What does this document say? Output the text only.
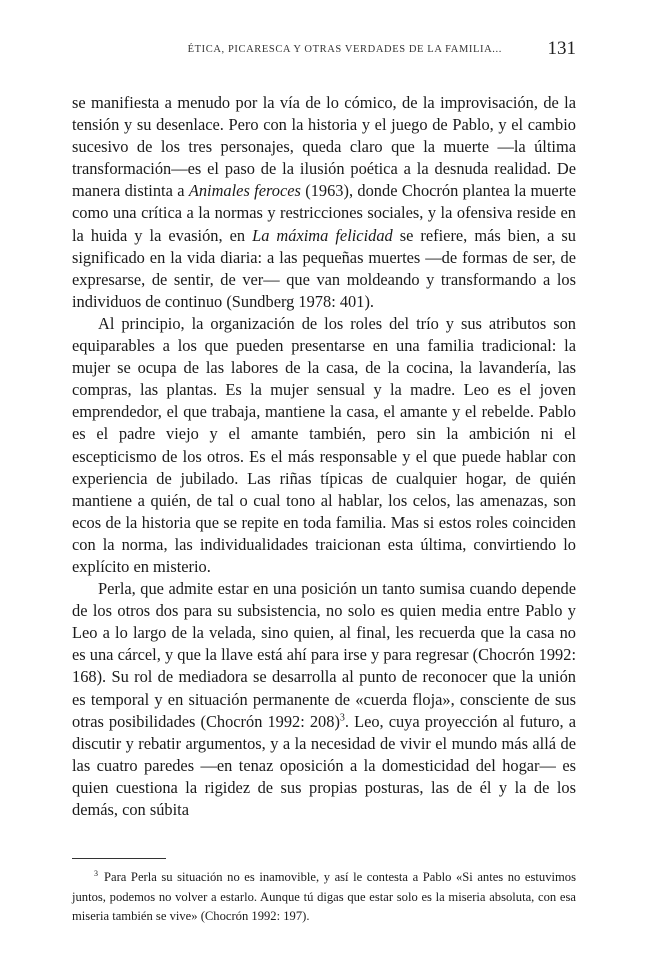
ÉTICA, PICARESCA Y OTRAS VERDADES DE LA FAMILIA... 131

se manifiesta a menudo por la vía de lo cómico, de la improvisación, de la tensión y su desenlace. Pero con la historia y el juego de Pablo, y el cambio sucesivo de los tres personajes, queda claro que la muerte —la última transformación—es el paso de la ilusión poética a la desnuda realidad. De manera distinta a Animales feroces (1963), donde Chocrón plantea la muerte como una crítica a la normas y restricciones sociales, y la ofensiva reside en la huida y la evasión, en La máxima felicidad se refiere, más bien, a su significado en la vida diaria: a las pequeñas muertes —de formas de ser, de expresarse, de sentir, de ver— que van moldeando y transformando a los individuos de continuo (Sundberg 1978: 401).

Al principio, la organización de los roles del trío y sus atributos son equiparables a los que pueden presentarse en una familia tradicional: la mujer se ocupa de las labores de la casa, de la cocina, la lavandería, las compras, las plantas. Es la mujer sensual y la madre. Leo es el joven emprendedor, el que trabaja, mantiene la casa, el amante y el rebelde. Pablo es el padre viejo y el amante también, pero sin la ambición ni el escepticismo de los otros. Es el más responsable y el que puede hablar con experiencia de jubilado. Las riñas típicas de cualquier hogar, de quién mantiene a quién, de tal o cual tono al hablar, los celos, las amenazas, son ecos de la historia que se repite en toda familia. Mas si estos roles coinciden con la norma, las individualidades traicionan esta última, convirtiendo lo explícito en misterio.

Perla, que admite estar en una posición un tanto sumisa cuando depende de los otros dos para su subsistencia, no solo es quien media entre Pablo y Leo a lo largo de la velada, sino quien, al final, les recuerda que la casa no es una cárcel, y que la llave está ahí para irse y para regresar (Chocrón 1992: 168). Su rol de mediadora se desarrolla al punto de reconocer que la unión es temporal y en situación permanente de «cuerda floja», consciente de sus otras posibilidades (Chocrón 1992: 208)$^3$. Leo, cuya proyección al futuro, a discutir y rebatir argumentos, y a la necesidad de vivir el mundo más allá de las cuatro paredes —en tenaz oposición a la domesticidad del hogar— es quien cuestiona la rigidez de sus propias posturas, las de él y la de los demás, con súbita

$^3$ Para Perla su situación no es inamovible, y así le contesta a Pablo «Si antes no estuvimos juntos, podemos no volver a estarlo. Aunque tú digas que estar solo es la miseria absoluta, con esa miseria también se vive» (Chocrón 1992: 197).
